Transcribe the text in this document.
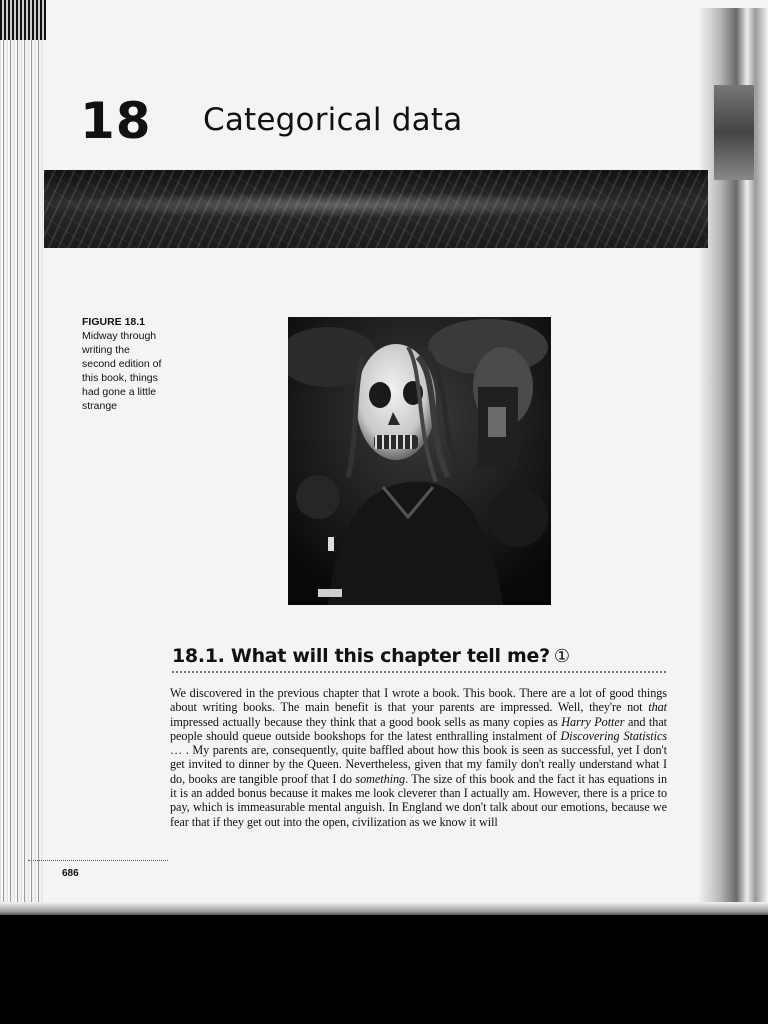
18 Categorical data
FIGURE 18.1
Midway through writing the second edition of this book, things had gone a little strange
18.1. What will this chapter tell me? ①

We discovered in the previous chapter that I wrote a book. This book. There are a lot of good things about writing books. The main benefit is that your parents are impressed. Well, they're not that impressed actually because they think that a good book sells as many copies as Harry Potter and that people should queue outside bookshops for the latest enthralling instalment of Discovering Statistics … . My parents are, consequently, quite baffled about how this book is seen as successful, yet I don't get invited to dinner by the Queen. Nevertheless, given that my family don't really understand what I do, books are tangible proof that I do something. The size of this book and the fact it has equations in it is an added bonus because it makes me look cleverer than I actually am. However, there is a price to pay, which is immeasurable mental anguish. In England we don't talk about our emotions, because we fear that if they get out into the open, civilization as we know it will

686
